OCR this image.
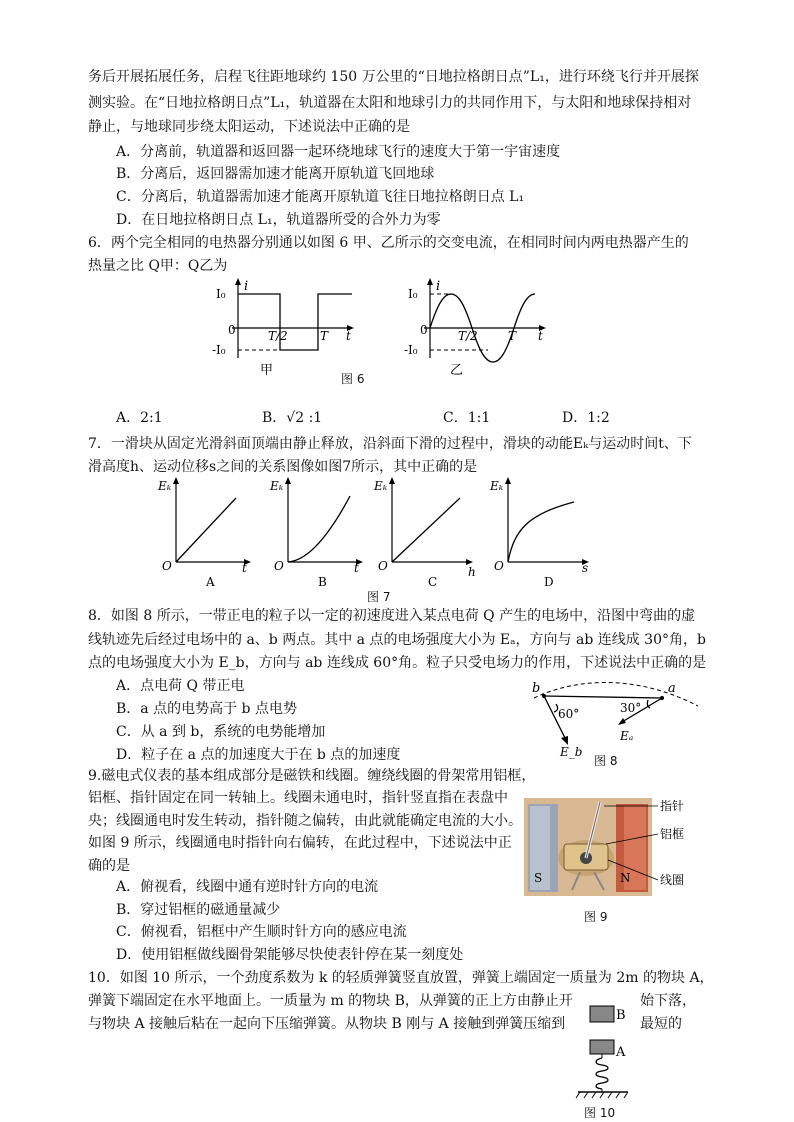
务后开展拓展任务，启程飞往距地球约 150 万公里的“日地拉格朗日点”L₁，进行环绕飞行并开展探
测实验。在“日地拉格朗日点”L₁，轨道器在太阳和地球引力的共同作用下，与太阳和地球保持相对
静止，与地球同步绕太阳运动，下述说法中正确的是
A．分离前，轨道器和返回器一起环绕地球飞行的速度大于第一宇宙速度
B．分离后，返回器需加速才能离开原轨道飞回地球
C．分离后，轨道器需加速才能离开原轨道飞往日地拉格朗日点 L₁
D．在日地拉格朗日点 L₁，轨道器所受的合外力为零
6．两个完全相同的电热器分别通以如图 6 甲、乙所示的交变电流，在相同时间内两电热器产生的
热量之比 Q甲：Q乙为
i
I₀
0	T/2	T t
-I₀
甲
i
I₀
0	T/2	T t
-I₀
乙
图 6
A．2:1	B．√2 :1	C．1:1	D．1:2
7．一滑块从固定光滑斜面顶端由静止释放，沿斜面下滑的过程中，滑块的动能Eₖ与运动时间t、下
滑高度h、运动位移s之间的关系图像如图7所示，其中正确的是
Eₖ
O	t
A
Eₖ
O	t
B
Eₖ
O	h
C
Eₖ
O	s
D
图 7
8．如图 8 所示，一带正电的粒子以一定的初速度进入某点电荷 Q 产生的电场中，沿图中弯曲的虚
线轨迹先后经过电场中的 a、b 两点。其中 a 点的电场强度大小为 Eₐ，方向与 ab 连线成 30°角，b
点的电场强度大小为 E_b，方向与 ab 连线成 60°角。粒子只受电场力的作用，下述说法中正确的是
A．点电荷 Q 带正电
B．a 点的电势高于 b 点电势
C．从 a 到 b，系统的电势能增加
D．粒子在 a 点的加速度大于在 b 点的加速度
a
b
60°	30°
Eₐ
E_b
图 8
9.磁电式仪表的基本组成部分是磁铁和线圈。缠绕线圈的骨架常用铝框，
铝框、指针固定在同一转轴上。线圈未通电时，指针竖直指在表盘中
央；线圈通电时发生转动，指针随之偏转，由此就能确定电流的大小。
如图 9 所示，线圈通电时指针向右偏转，在此过程中，下述说法中正
确的是
A．俯视看，线圈中通有逆时针方向的电流
B．穿过铝框的磁通量减少
C．俯视看，铝框中产生顺时针方向的感应电流
D．使用铝框做线圈骨架能够尽快使表针停在某一刻度处
S	N
指针
铝框
线圈
图 9
10．如图 10 所示，一个劲度系数为 k 的轻质弹簧竖直放置，弹簧上端固定一质量为 2m 的物块 A，
弹簧下端固定在水平地面上。一质量为 m 的物块 B，从弹簧的正上方由静止开	始下落，
与物块 A 接触后粘在一起向下压缩弹簧。从物块 B 刚与 A 接触到弹簧压缩到	最短的
B
A
图 10
